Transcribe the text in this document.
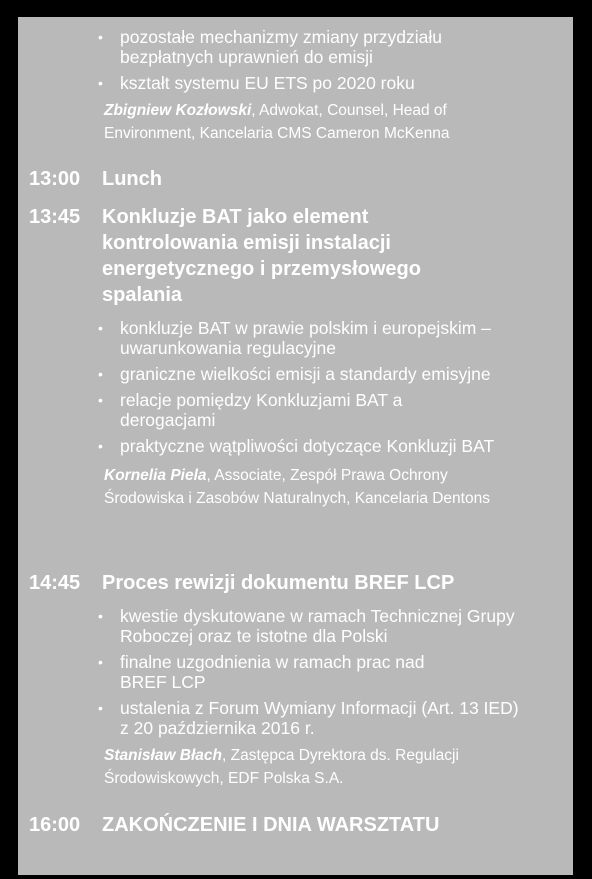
• pozostałe mechanizmy zmiany przydziału bezpłatnych uprawnień do emisji
• kształt systemu EU ETS po 2020 roku
Zbigniew Kozłowski, Adwokat, Counsel, Head of Environment, Kancelaria CMS Cameron McKenna
13:00 Lunch
13:45 Konkluzje BAT jako element kontrolowania emisji instalacji energetycznego i przemysłowego spalania
• konkluzje BAT w prawie polskim i europejskim – uwarunkowania regulacyjne
• graniczne wielkości emisji a standardy emisyjne
• relacje pomiędzy Konkluzjami BAT a derogacjami
• praktyczne wątpliwości dotyczące Konkluzji BAT
Kornelia Piela, Associate, Zespół Prawa Ochrony Środowiska i Zasobów Naturalnych, Kancelaria Dentons
14:45 Proces rewizji dokumentu BREF LCP
• kwestie dyskutowane w ramach Technicznej Grupy Roboczej oraz te istotne dla Polski
• finalne uzgodnienia w ramach prac nad BREF LCP
• ustalenia z Forum Wymiany Informacji (Art. 13 IED) z 20 października 2016 r.
Stanisław Błach, Zastępca Dyrektora ds. Regulacji Środowiskowych, EDF Polska S.A.
16:00 ZAKOŃCZENIE I DNIA WARSZTATU
